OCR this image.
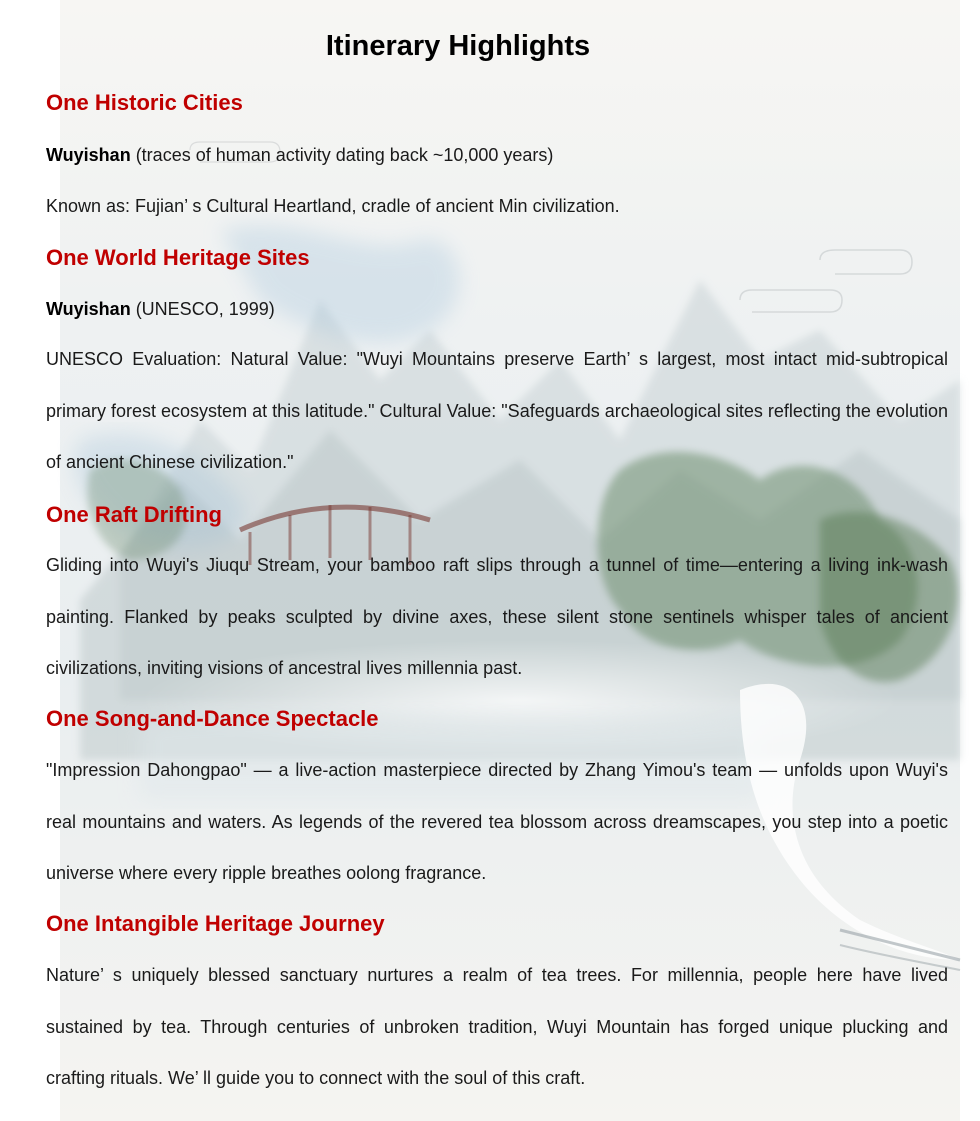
Itinerary Highlights
One Historic Cities

Wuyishan (traces of human activity dating back ~10,000 years)

Known as: Fujian’ s Cultural Heartland, cradle of ancient Min civilization.

One World Heritage Sites

Wuyishan (UNESCO, 1999)

UNESCO Evaluation: Natural Value: "Wuyi Mountains preserve Earth’ s largest, most intact mid-subtropical primary forest ecosystem at this latitude." Cultural Value: "Safeguards archaeological sites reflecting the evolution of ancient Chinese civilization."

One Raft Drifting

Gliding into Wuyi's Jiuqu Stream, your bamboo raft slips through a tunnel of time—entering a living ink-wash painting. Flanked by peaks sculpted by divine axes, these silent stone sentinels whisper tales of ancient civilizations, inviting visions of ancestral lives millennia past.

One Song-and-Dance Spectacle

"Impression Dahongpao" — a live-action masterpiece directed by Zhang Yimou's team — unfolds upon Wuyi's real mountains and waters. As legends of the revered tea blossom across dreamscapes, you step into a poetic universe where every ripple breathes oolong fragrance.

One Intangible Heritage Journey

Nature’ s uniquely blessed sanctuary nurtures a realm of tea trees. For millennia, people here have lived sustained by tea. Through centuries of unbroken tradition, Wuyi Mountain has forged unique plucking and crafting rituals. We’ ll guide you to connect with the soul of this craft.
